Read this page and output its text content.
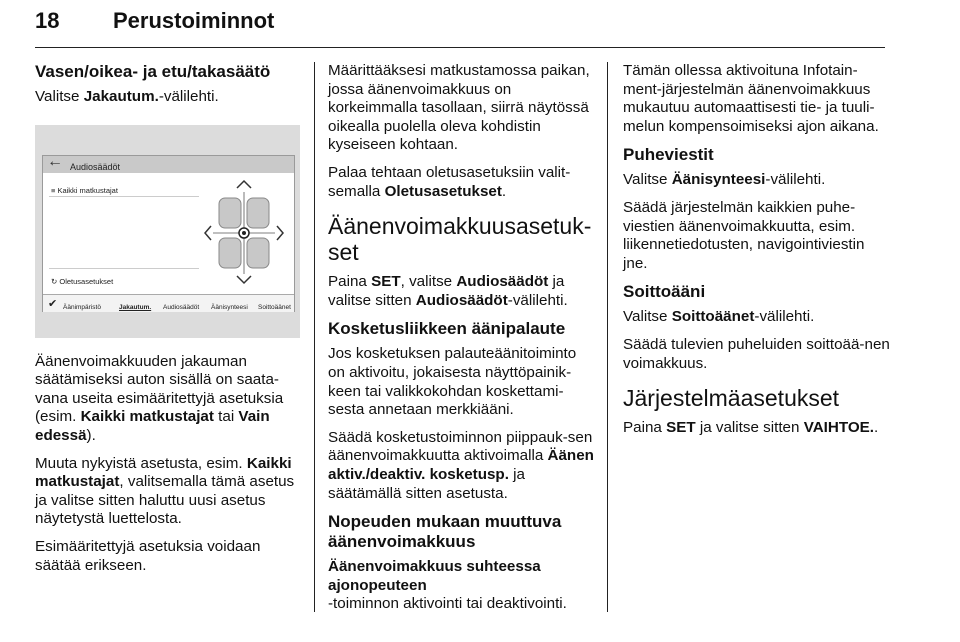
18 Perustoiminnot
Vasen/oikea- ja etu/takasäätö

Valitse Jakautum.-välilehti.

← Audiosäädöt
≡ Kaikki matkustajat
↻ Oletusasetukset
✔ Äänimpäristö	Jakautum. Audiosäädöt Äänisynteesi Soittoäänet

Äänenvoimakkuuden jakauman säätämiseksi auton sisällä on saata-vana useita esimääritettyjä asetuksia (esim. Kaikki matkustajat tai Vain edessä).

Muuta nykyistä asetusta, esim. Kaikki matkustajat, valitsemalla tämä asetus ja valitse sitten haluttu uusi asetus näytetystä luettelosta.

Esimääritettyjä asetuksia voidaan säätää erikseen.

Määrittääksesi matkustamossa paikan, jossa äänenvoimakkuus on korkeimmalla tasollaan, siirrä näytössä oikealla puolella oleva kohdistin kyseiseen kohtaan.

Palaa tehtaan oletusasetuksiin valit-semalla Oletusasetukset.

Äänenvoimakkuusasetuk-set

Paina SET, valitse Audiosäädöt ja valitse sitten Audiosäädöt-välilehti.

Kosketusliikkeen äänipalaute

Jos kosketuksen palauteäänitoiminto on aktivoitu, jokaisesta näyttöpainik-keen tai valikkokohdan koskettami-sesta annetaan merkkiääni.

Säädä kosketustoiminnon piippauk-sen äänenvoimakkuutta aktivoimalla Äänen aktiv./deaktiv. kosketusp. ja säätämällä sitten asetusta.

Nopeuden mukaan muuttuva äänenvoimakkuus
Äänenvoimakkuus suhteessa ajonopeuteen

-toiminnon aktivointi tai deaktivointi.

Tämän ollessa aktivoituna Infotain-ment-järjestelmän äänenvoimakkuus mukautuu automaattisesti tie- ja tuuli-melun kompensoimiseksi ajon aikana.

Puheviestit

Valitse Äänisynteesi-välilehti.

Säädä järjestelmän kaikkien puhe-viestien äänenvoimakkuutta, esim. liikennetiedotusten, navigointiviestin jne.

Soittoääni

Valitse Soittoäänet-välilehti.

Säädä tulevien puheluiden soittoää-nen voimakkuus.

Järjestelmäasetukset

Paina SET ja valitse sitten VAIHTOE..
